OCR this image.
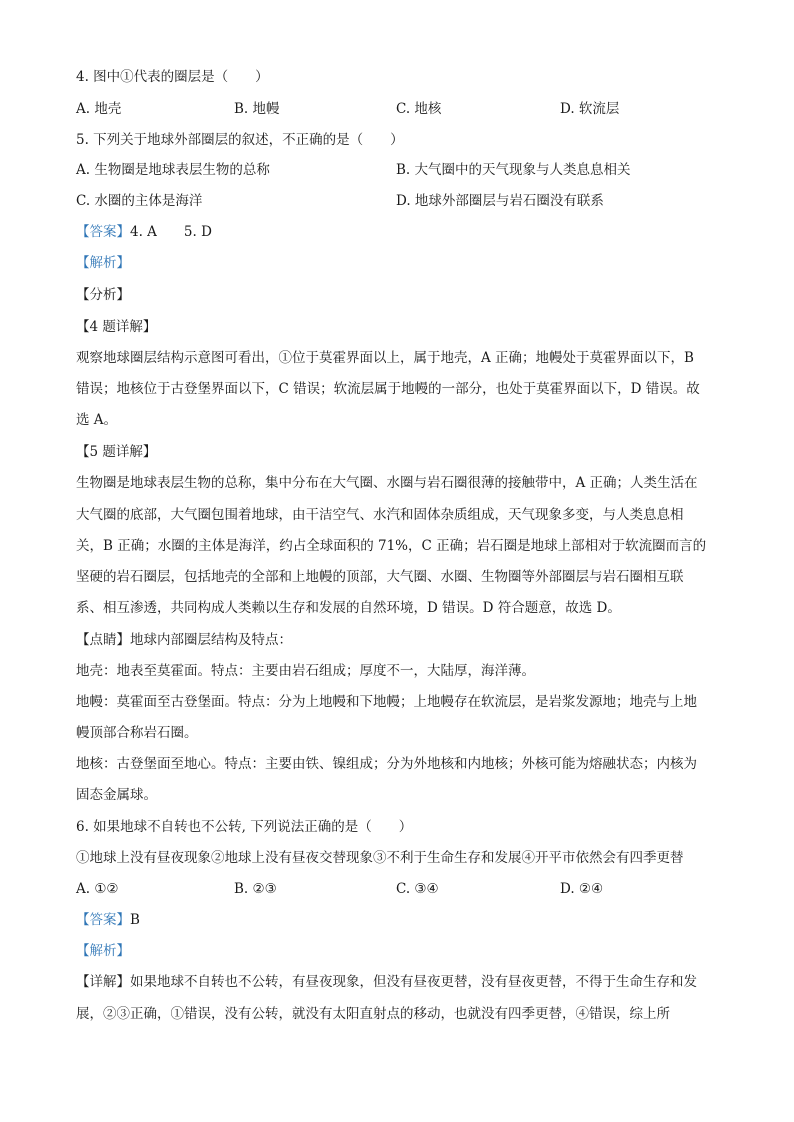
4. 图中①代表的圈层是（　　）
A. 地壳	B. 地幔	C. 地核	D. 软流层
5. 下列关于地球外部圈层的叙述，不正确的是（　　）
A. 生物圈是地球表层生物的总称	B. 大气圈中的天气现象与人类息息相关
C. 水圈的主体是海洋	D. 地球外部圈层与岩石圈没有联系
【答案】4. A　　5. D
【解析】
【分析】
【4 题详解】
观察地球圈层结构示意图可看出，①位于莫霍界面以上，属于地壳，A 正确；地幔处于莫霍界面以下，B
错误；地核位于古登堡界面以下，C 错误；软流层属于地幔的一部分，也处于莫霍界面以下，D 错误。故
选 A。
【5 题详解】
生物圈是地球表层生物的总称，集中分布在大气圈、水圈与岩石圈很薄的接触带中，A 正确；人类生活在
大气圈的底部，大气圈包围着地球，由干洁空气、水汽和固体杂质组成，天气现象多变，与人类息息相
关，B 正确；水圈的主体是海洋，约占全球面积的 71%，C 正确；岩石圈是地球上部相对于软流圈而言的
坚硬的岩石圈层，包括地壳的全部和上地幔的顶部，大气圈、水圈、生物圈等外部圈层与岩石圈相互联
系、相互渗透，共同构成人类赖以生存和发展的自然环境，D 错误。D 符合题意，故选 D。
【点睛】地球内部圈层结构及特点：
地壳：地表至莫霍面。特点：主要由岩石组成；厚度不一，大陆厚，海洋薄。
地幔：莫霍面至古登堡面。特点：分为上地幔和下地幔；上地幔存在软流层，是岩浆发源地；地壳与上地
幔顶部合称岩石圈。
地核：古登堡面至地心。特点：主要由铁、镍组成；分为外地核和内地核；外核可能为熔融状态；内核为
固态金属球。
6. 如果地球不自转也不公转, 下列说法正确的是（　　）
①地球上没有昼夜现象②地球上没有昼夜交替现象③不利于生命生存和发展④开平市依然会有四季更替
A. ①②	B. ②③	C. ③④	D. ②④
【答案】B
【解析】
【详解】如果地球不自转也不公转，有昼夜现象，但没有昼夜更替，没有昼夜更替，不得于生命生存和发
展，②③正确，①错误，没有公转，就没有太阳直射点的移动，也就没有四季更替，④错误，综上所
